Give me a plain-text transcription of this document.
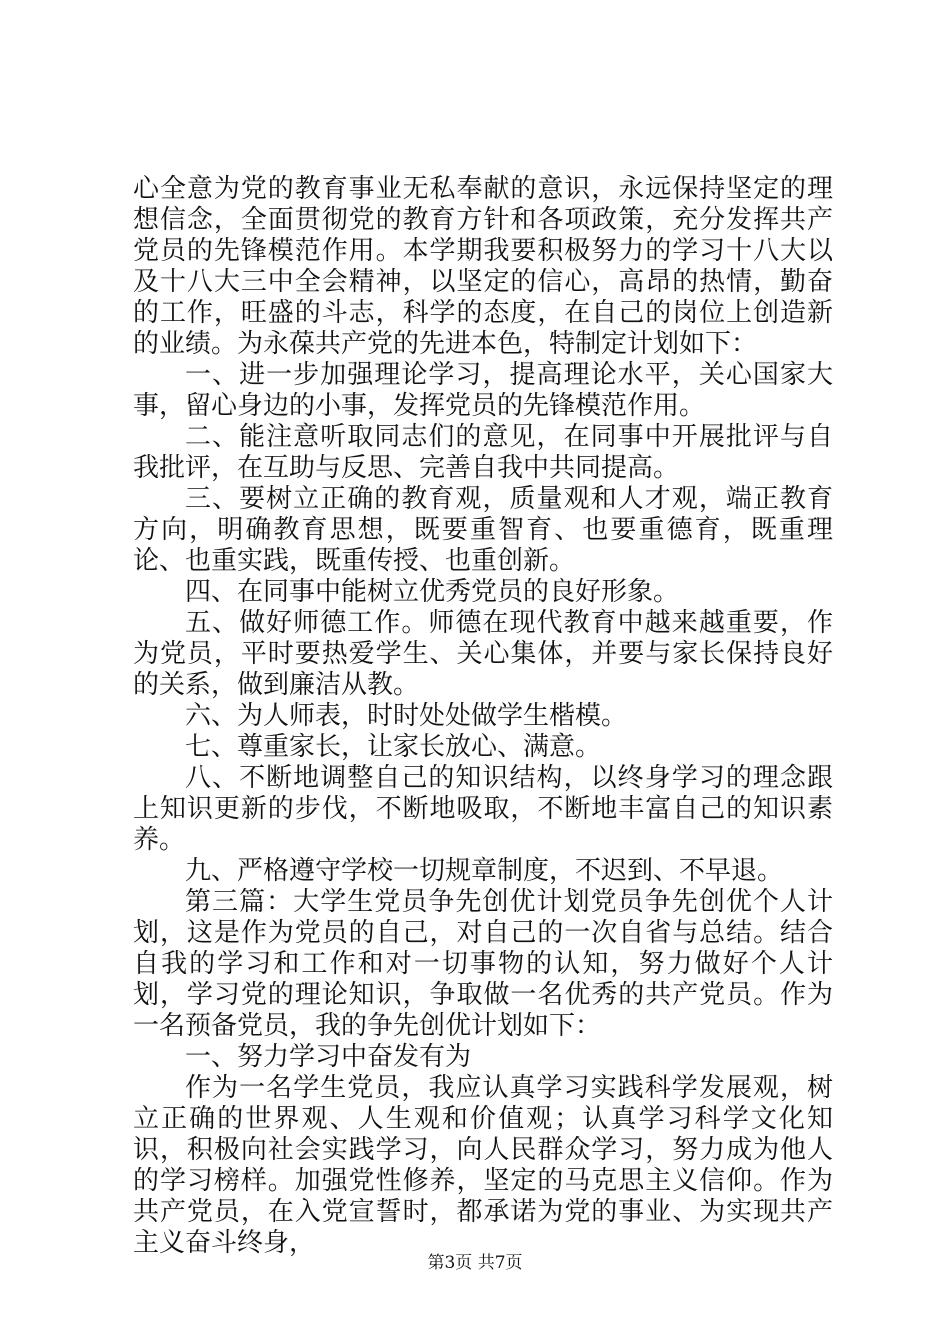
心全意为党的教育事业无私奉献的意识，永远保持坚定的理想信念，全面贯彻党的教育方针和各项政策，充分发挥共产党员的先锋模范作用。本学期我要积极努力的学习十八大以及十八大三中全会精神，以坚定的信心，高昂的热情，勤奋的工作，旺盛的斗志，科学的态度，在自己的岗位上创造新的业绩。为永葆共产党的先进本色，特制定计划如下：

一、进一步加强理论学习，提高理论水平，关心国家大事，留心身边的小事，发挥党员的先锋模范作用。

二、能注意听取同志们的意见，在同事中开展批评与自我批评，在互助与反思、完善自我中共同提高。

三、要树立正确的教育观，质量观和人才观，端正教育方向，明确教育思想，既要重智育、也要重德育，既重理论、也重实践，既重传授、也重创新。

四、在同事中能树立优秀党员的良好形象。

五、做好师德工作。师德在现代教育中越来越重要，作为党员，平时要热爱学生、关心集体，并要与家长保持良好的关系，做到廉洁从教。

六、为人师表，时时处处做学生楷模。

七、尊重家长，让家长放心、满意。

八、不断地调整自己的知识结构，以终身学习的理念跟上知识更新的步伐，不断地吸取，不断地丰富自己的知识素养。

九、严格遵守学校一切规章制度，不迟到、不早退。

第三篇：大学生党员争先创优计划党员争先创优个人计划，这是作为党员的自己，对自己的一次自省与总结。结合自我的学习和工作和对一切事物的认知，努力做好个人计划，学习党的理论知识，争取做一名优秀的共产党员。作为一名预备党员，我的争先创优计划如下：

一、努力学习中奋发有为

作为一名学生党员，我应认真学习实践科学发展观，树立正确的世界观、人生观和价值观；认真学习科学文化知识，积极向社会实践学习，向人民群众学习，努力成为他人的学习榜样。加强党性修养，坚定的马克思主义信仰。作为共产党员，在入党宣誓时，都承诺为党的事业、为实现共产主义奋斗终身，

第3页 共7页
